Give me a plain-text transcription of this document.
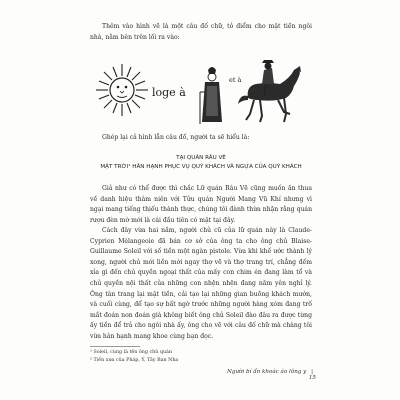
Thêm vào hình vẽ là một câu đố chữ, tỏ điểm cho mặt tiền ngôi nhà, nằm bên trên lối ra vào:

loge à
et à

Ghép lại cả hình lẫn câu đố, người ta sẽ hiểu là:

TẠI QUÁN RÂU VẼ
MẶT TRỜI¹ HÂN HẠNH PHỤC VỤ QUÝ KHÁCH VÀ NGỰA CỦA QUÝ KHÁCH

Giả như có thể được thì chắc Lữ quán Râu Vẽ cũng muốn ăn thua về danh hiệu thâm niên với Tửu quán Người Mang Vũ Khí nhưng vì ngại mang tiếng thiếu thành thực, chúng tôi đành thừa nhận rằng quán rượu đèn mờ mới là cái đầu tiên có mặt tại đây.

Cách đây vừa hai năm, người chủ cũ của lữ quán này là Claude-Cyprien Mélangeoie đã bán cơ sở của ông ta cho ông chủ Blaise-Guillaume Soleil với số tiền một ngàn pistole. Vừa khi khế ước thành lý xong, người chủ mới liền mời ngay thợ vẽ và thợ trang trí, chẳng đếm xỉa gì đến chủ quyền ngoại thất của mấy con chim én đang làm tổ và chủ quyền nội thất của những con nhện nhện đang năm yên nghỉ lý. Ông tân trang lại mặt tiền, cải tạo lại những gian buồng khách mướn, và cuối cùng, để tạo sự bất ngờ trước những người hàng xóm đang trố mắt đoán non đoán già không biết ông chủ Soleil đào đâu ra được từng ấy tiền để trả cho ngôi nhà ấy, ông cho vẽ với câu đố chữ mà chàng tôi vừa hân hạnh mang khoe cùng bạn đọc.

¹ Soleil, cùng là tên ông chủ quán
² Tiền xưa của Pháp, Ý, Tây Ban Nha
Người bí ẩn khoác áo lông y | 15
